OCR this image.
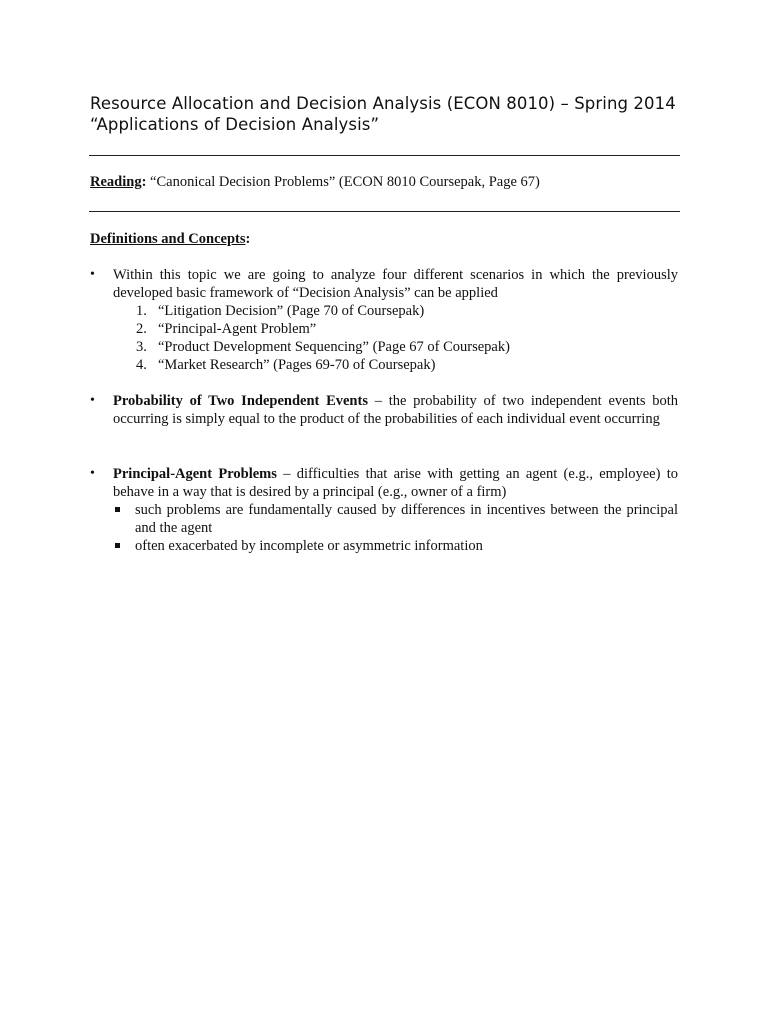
Resource Allocation and Decision Analysis (ECON 8010) – Spring 2014
“Applications of Decision Analysis”
Reading: “Canonical Decision Problems” (ECON 8010 Coursepak, Page 67)
Definitions and Concepts:
•	Within this topic we are going to analyze four different scenarios in which the previously developed basic framework of “Decision Analysis” can be applied
1. “Litigation Decision” (Page 70 of Coursepak)
2. “Principal-Agent Problem”
3. “Product Development Sequencing” (Page 67 of Coursepak)
4. “Market Research” (Pages 69-70 of Coursepak)
•	Probability of Two Independent Events – the probability of two independent events both occurring is simply equal to the product of the probabilities of each individual event occurring
•	Principal-Agent Problems – difficulties that arise with getting an agent (e.g., employee) to behave in a way that is desired by a principal (e.g., owner of a firm)
such problems are fundamentally caused by differences in incentives between the principal and the agent
often exacerbated by incomplete or asymmetric information
